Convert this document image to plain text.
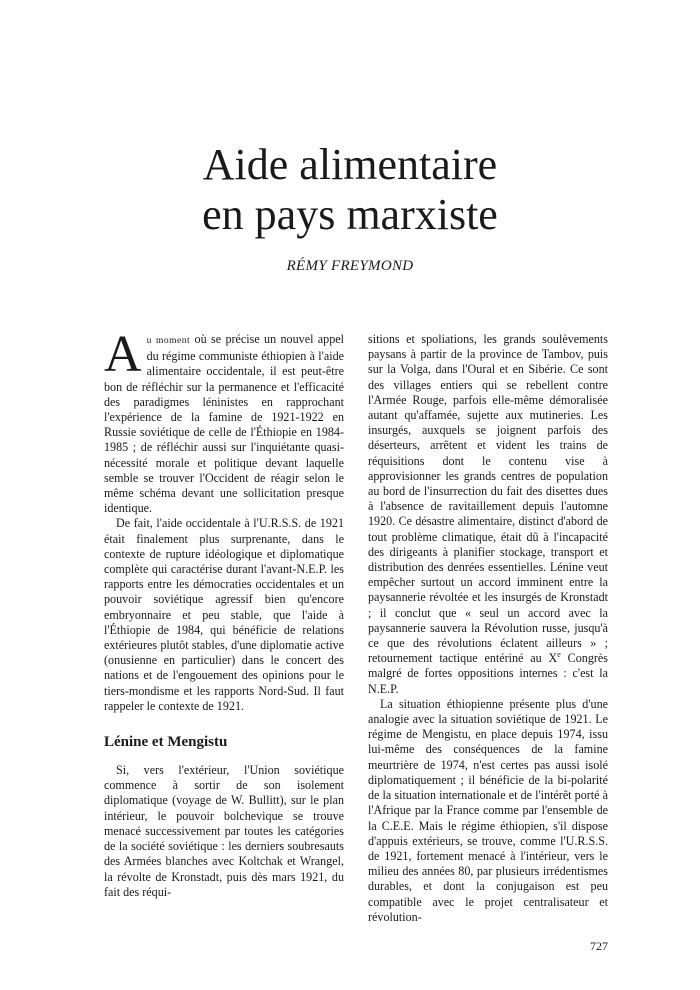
Aide alimentaire
en pays marxiste
RÉMY FREYMOND

Au moment où se précise un nouvel appel du régime communiste éthiopien à l'aide alimentaire occidentale, il est peut-être bon de réfléchir sur la permanence et l'efficacité des paradigmes léninistes en rapprochant l'expérience de la famine de 1921-1922 en Russie soviétique de celle de l'Éthiopie en 1984-1985 ; de réfléchir aussi sur l'inquiétante quasi-nécessité morale et politique devant laquelle semble se trouver l'Occident de réagir selon le même schéma devant une sollicitation presque identique.

De fait, l'aide occidentale à l'U.R.S.S. de 1921 était finalement plus surprenante, dans le contexte de rupture idéologique et diplomatique complète qui caractérise durant l'avant-N.E.P. les rapports entre les démocraties occidentales et un pouvoir soviétique agressif bien qu'encore embryonnaire et peu stable, que l'aide à l'Éthiopie de 1984, qui bénéficie de relations extérieures plutôt stables, d'une diplomatie active (onusienne en particulier) dans le concert des nations et de l'engouement des opinions pour le tiers-mondisme et les rapports Nord-Sud. Il faut rappeler le contexte de 1921.

Lénine et Mengistu

Si, vers l'extérieur, l'Union soviétique commence à sortir de son isolement diplomatique (voyage de W. Bullitt), sur le plan intérieur, le pouvoir bolchevique se trouve menacé successivement par toutes les catégories de la société soviétique : les derniers soubresauts des Armées blanches avec Koltchak et Wrangel, la révolte de Kronstadt, puis dès mars 1921, du fait des réqui-

sitions et spoliations, les grands soulèvements paysans à partir de la province de Tambov, puis sur la Volga, dans l'Oural et en Sibérie. Ce sont des villages entiers qui se rebellent contre l'Armée Rouge, parfois elle-même démoralisée autant qu'affamée, sujette aux mutineries. Les insurgés, auxquels se joignent parfois des déserteurs, arrêtent et vident les trains de réquisitions dont le contenu vise à approvisionner les grands centres de population au bord de l'insurrection du fait des disettes dues à l'absence de ravitaillement depuis l'automne 1920. Ce désastre alimentaire, distinct d'abord de tout problème climatique, était dû à l'incapacité des dirigeants à planifier stockage, transport et distribution des denrées essentielles. Lénine veut empêcher surtout un accord imminent entre la paysannerie révoltée et les insurgés de Kronstadt ; il conclut que « seul un accord avec la paysannerie sauvera la Révolution russe, jusqu'à ce que des révolutions éclatent ailleurs » ; retournement tactique entériné au Xe Congrès malgré de fortes oppositions internes : c'est la N.E.P.

La situation éthiopienne présente plus d'une analogie avec la situation soviétique de 1921. Le régime de Mengistu, en place depuis 1974, issu lui-même des conséquences de la famine meurtrière de 1974, n'est certes pas aussi isolé diplomatiquement ; il bénéficie de la bi-polarité de la situation internationale et de l'intérêt porté à l'Afrique par la France comme par l'ensemble de la C.E.E. Mais le régime éthiopien, s'il dispose d'appuis extérieurs, se trouve, comme l'U.R.S.S. de 1921, fortement menacé à l'intérieur, vers le milieu des années 80, par plusieurs irrédentismes durables, et dont la conjugaison est peu compatible avec le projet centralisateur et révolution-

727
